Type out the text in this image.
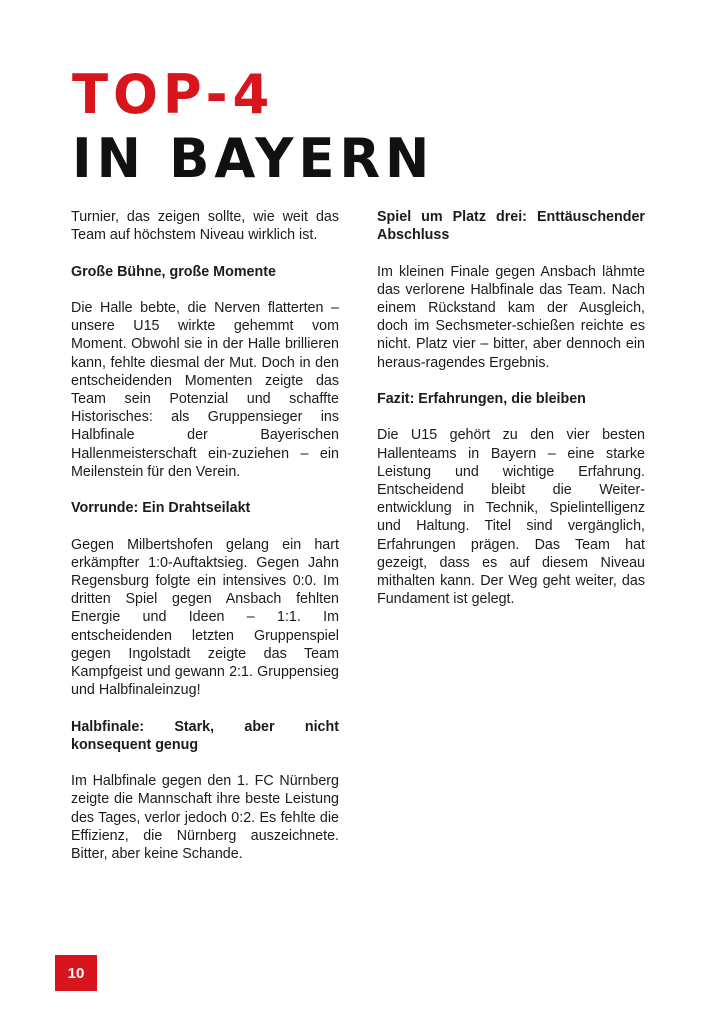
TOP-4
IN BAYERN

Turnier, das zeigen sollte, wie weit das Team auf höchstem Niveau wirklich ist.

Große Bühne, große Momente

Die Halle bebte, die Nerven flatterten – unsere U15 wirkte gehemmt vom Moment. Obwohl sie in der Halle brillieren kann, fehlte diesmal der Mut. Doch in den entscheidenden Momenten zeigte das Team sein Potenzial und schaffte Historisches: als Gruppensieger ins Halbfinale der Bayerischen Hallenmeisterschaft ein-zuziehen – ein Meilenstein für den Verein.

Vorrunde: Ein Drahtseilakt

Gegen Milbertshofen gelang ein hart erkämpfter 1:0-Auftaktsieg. Gegen Jahn Regensburg folgte ein intensives 0:0. Im dritten Spiel gegen Ansbach fehlten Energie und Ideen – 1:1. Im entscheidenden letzten Gruppenspiel gegen Ingolstadt zeigte das Team Kampfgeist und gewann 2:1. Gruppensieg und Halbfinaleinzug!

Halbfinale: Stark, aber nicht konsequent genug

Im Halbfinale gegen den 1. FC Nürnberg zeigte die Mannschaft ihre beste Leistung des Tages, verlor jedoch 0:2. Es fehlte die Effizienz, die Nürnberg auszeichnete. Bitter, aber keine Schande.

Spiel um Platz drei: Enttäuschender Abschluss

Im kleinen Finale gegen Ansbach lähmte das verlorene Halbfinale das Team. Nach einem Rückstand kam der Ausgleich, doch im Sechsmeter-schießen reichte es nicht. Platz vier – bitter, aber dennoch ein heraus-ragendes Ergebnis.

Fazit: Erfahrungen, die bleiben

Die U15 gehört zu den vier besten Hallenteams in Bayern – eine starke Leistung und wichtige Erfahrung. Entscheidend bleibt die Weiter-entwicklung in Technik, Spielintelligenz und Haltung. Titel sind vergänglich, Erfahrungen prägen. Das Team hat gezeigt, dass es auf diesem Niveau mithalten kann. Der Weg geht weiter, das Fundament ist gelegt.

10
